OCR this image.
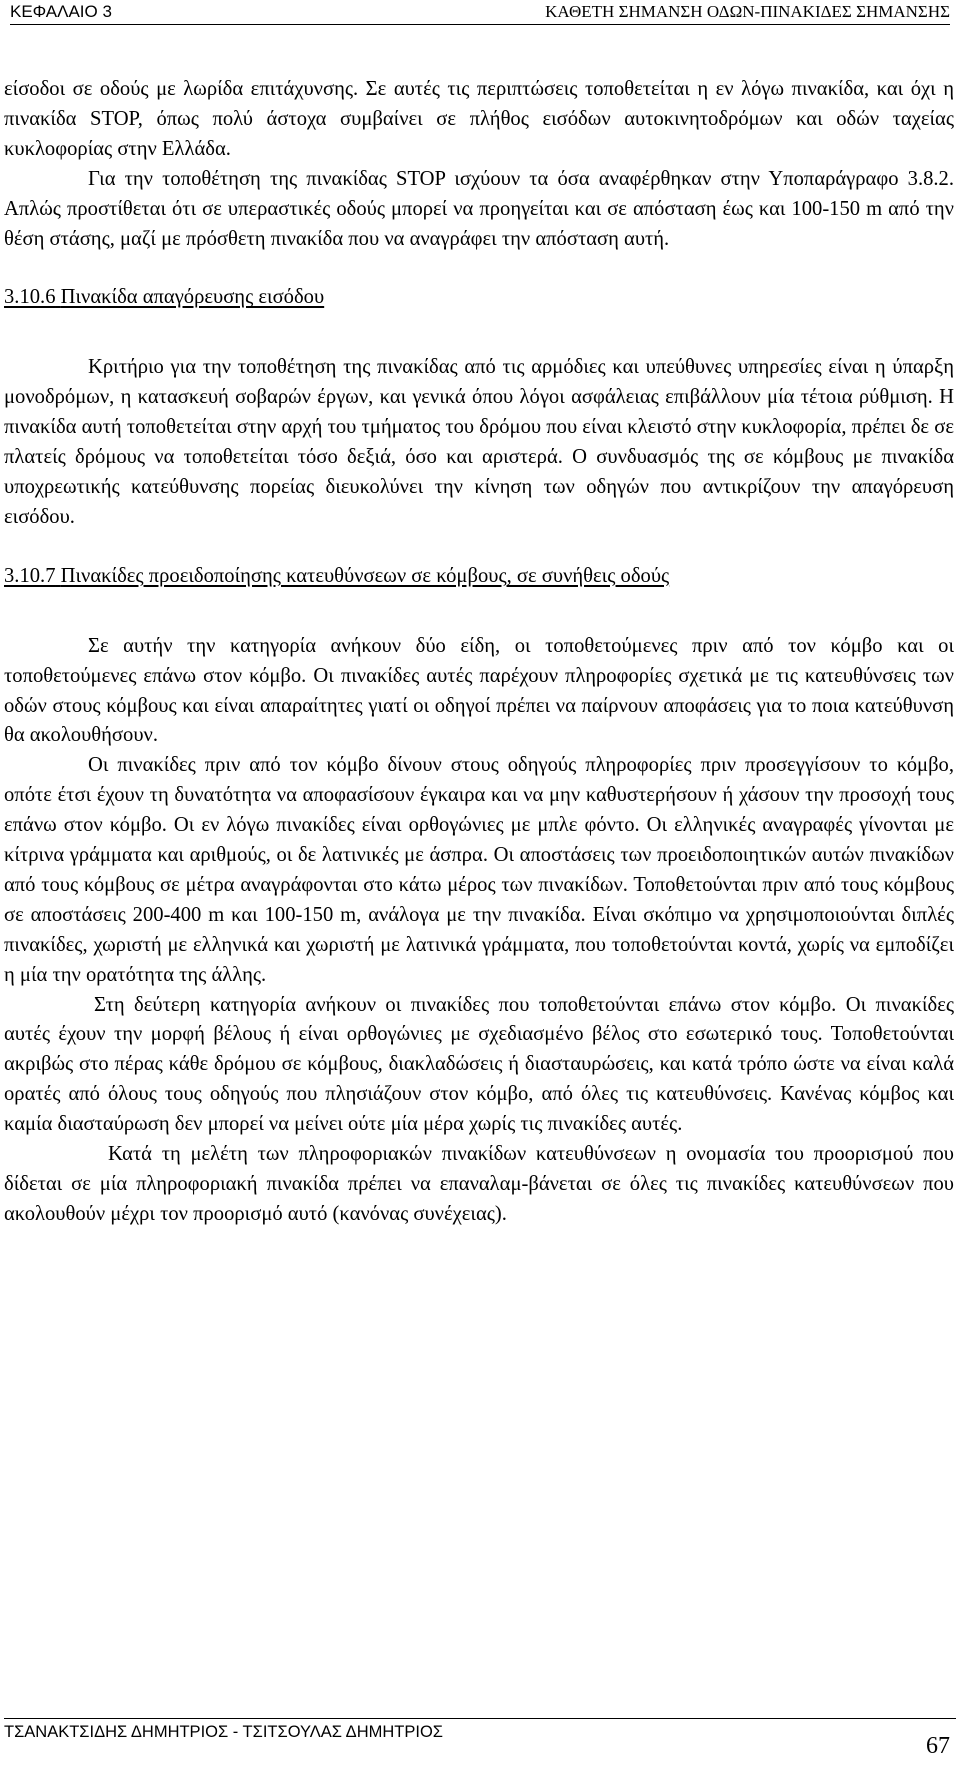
ΚΕΦΑΛΑΙΟ 3	ΚΑΘΕΤΗ ΣΗΜΑΝΣΗ ΟΔΩΝ-ΠΙΝΑΚΙΔΕΣ ΣΗΜΑΝΣΗΣ

είσοδοι σε οδούς με λωρίδα επιτάχυνσης. Σε αυτές τις περιπτώσεις τοποθετείται η εν λόγω πινακίδα, και όχι η πινακίδα STOP, όπως πολύ άστοχα συμβαίνει σε πλήθος εισόδων αυτοκινητοδρόμων και οδών ταχείας κυκλοφορίας στην Ελλάδα.

Για την τοποθέτηση της πινακίδας STOP ισχύουν τα όσα αναφέρθηκαν στην Υποπαράγραφο 3.8.2. Απλώς προστίθεται ότι σε υπεραστικές οδούς μπορεί να προηγείται και σε απόσταση έως και 100-150 m από την θέση στάσης, μαζί με πρόσθετη πινακίδα που να αναγράφει την απόσταση αυτή.

3.10.6 Πινακίδα απαγόρευσης εισόδου

Κριτήριο για την τοποθέτηση της πινακίδας από τις αρμόδιες και υπεύθυνες υπηρεσίες είναι η ύπαρξη μονοδρόμων, η κατασκευή σοβαρών έργων, και γενικά όπου λόγοι ασφάλειας επιβάλλουν μία τέτοια ρύθμιση. Η πινακίδα αυτή τοποθετείται στην αρχή του τμήματος του δρόμου που είναι κλειστό στην κυκλοφορία, πρέπει δε σε πλατείς δρόμους να τοποθετείται τόσο δεξιά, όσο και αριστερά. Ο συνδυασμός της σε κόμβους με πινακίδα υποχρεωτικής κατεύθυνσης πορείας διευκολύνει την κίνηση των οδηγών που αντικρίζουν την απαγόρευση εισόδου.

3.10.7 Πινακίδες προειδοποίησης κατευθύνσεων σε κόμβους, σε συνήθεις οδούς

Σε αυτήν την κατηγορία ανήκουν δύο είδη, οι τοποθετούμενες πριν από τον κόμβο και οι τοποθετούμενες επάνω στον κόμβο. Οι πινακίδες αυτές παρέχουν πληροφορίες σχετικά με τις κατευθύνσεις των οδών στους κόμβους και είναι απαραίτητες γιατί οι οδηγοί πρέπει να παίρνουν αποφάσεις για το ποια κατεύθυνση θα ακολουθήσουν.

Οι πινακίδες πριν από τον κόμβο δίνουν στους οδηγούς πληροφορίες πριν προσεγγίσουν το κόμβο, οπότε έτσι έχουν τη δυνατότητα να αποφασίσουν έγκαιρα και να μην καθυστερήσουν ή χάσουν την προσοχή τους επάνω στον κόμβο. Οι εν λόγω πινακίδες είναι ορθογώνιες με μπλε φόντο. Οι ελληνικές αναγραφές γίνονται με κίτρινα γράμματα και αριθμούς, οι δε λατινικές με άσπρα. Οι αποστάσεις των προειδοποιητικών αυτών πινακίδων από τους κόμβους σε μέτρα αναγράφονται στο κάτω μέρος των πινακίδων. Τοποθετούνται πριν από τους κόμβους σε αποστάσεις 200-400 m και 100-150 m, ανάλογα με την πινακίδα. Είναι σκόπιμο να χρησιμοποιούνται διπλές πινακίδες, χωριστή με ελληνικά και χωριστή με λατινικά γράμματα, που τοποθετούνται κοντά, χωρίς να εμποδίζει η μία την ορατότητα της άλλης.

Στη δεύτερη κατηγορία ανήκουν οι πινακίδες που τοποθετούνται επάνω στον κόμβο. Οι πινακίδες αυτές έχουν την μορφή βέλους ή είναι ορθογώνιες με σχεδιασμένο βέλος στο εσωτερικό τους. Τοποθετούνται ακριβώς στο πέρας κάθε δρόμου σε κόμβους, διακλαδώσεις ή διασταυρώσεις, και κατά τρόπο ώστε να είναι καλά ορατές από όλους τους οδηγούς που πλησιάζουν στον κόμβο, από όλες τις κατευθύνσεις. Κανένας κόμβος και καμία διασταύρωση δεν μπορεί να μείνει ούτε μία μέρα χωρίς τις πινακίδες αυτές.

Κατά τη μελέτη των πληροφοριακών πινακίδων κατευθύνσεων η ονομασία του προορισμού που δίδεται σε μία πληροφοριακή πινακίδα πρέπει να επαναλαμ-βάνεται σε όλες τις πινακίδες κατευθύνσεων που ακολουθούν μέχρι τον προορισμό αυτό (κανόνας συνέχειας).

ΤΣΑΝΑΚΤΣΙΔΗΣ ΔΗΜΗΤΡΙΟΣ - ΤΣΙΤΣΟΥΛΑΣ ΔΗΜΗΤΡΙΟΣ
67
